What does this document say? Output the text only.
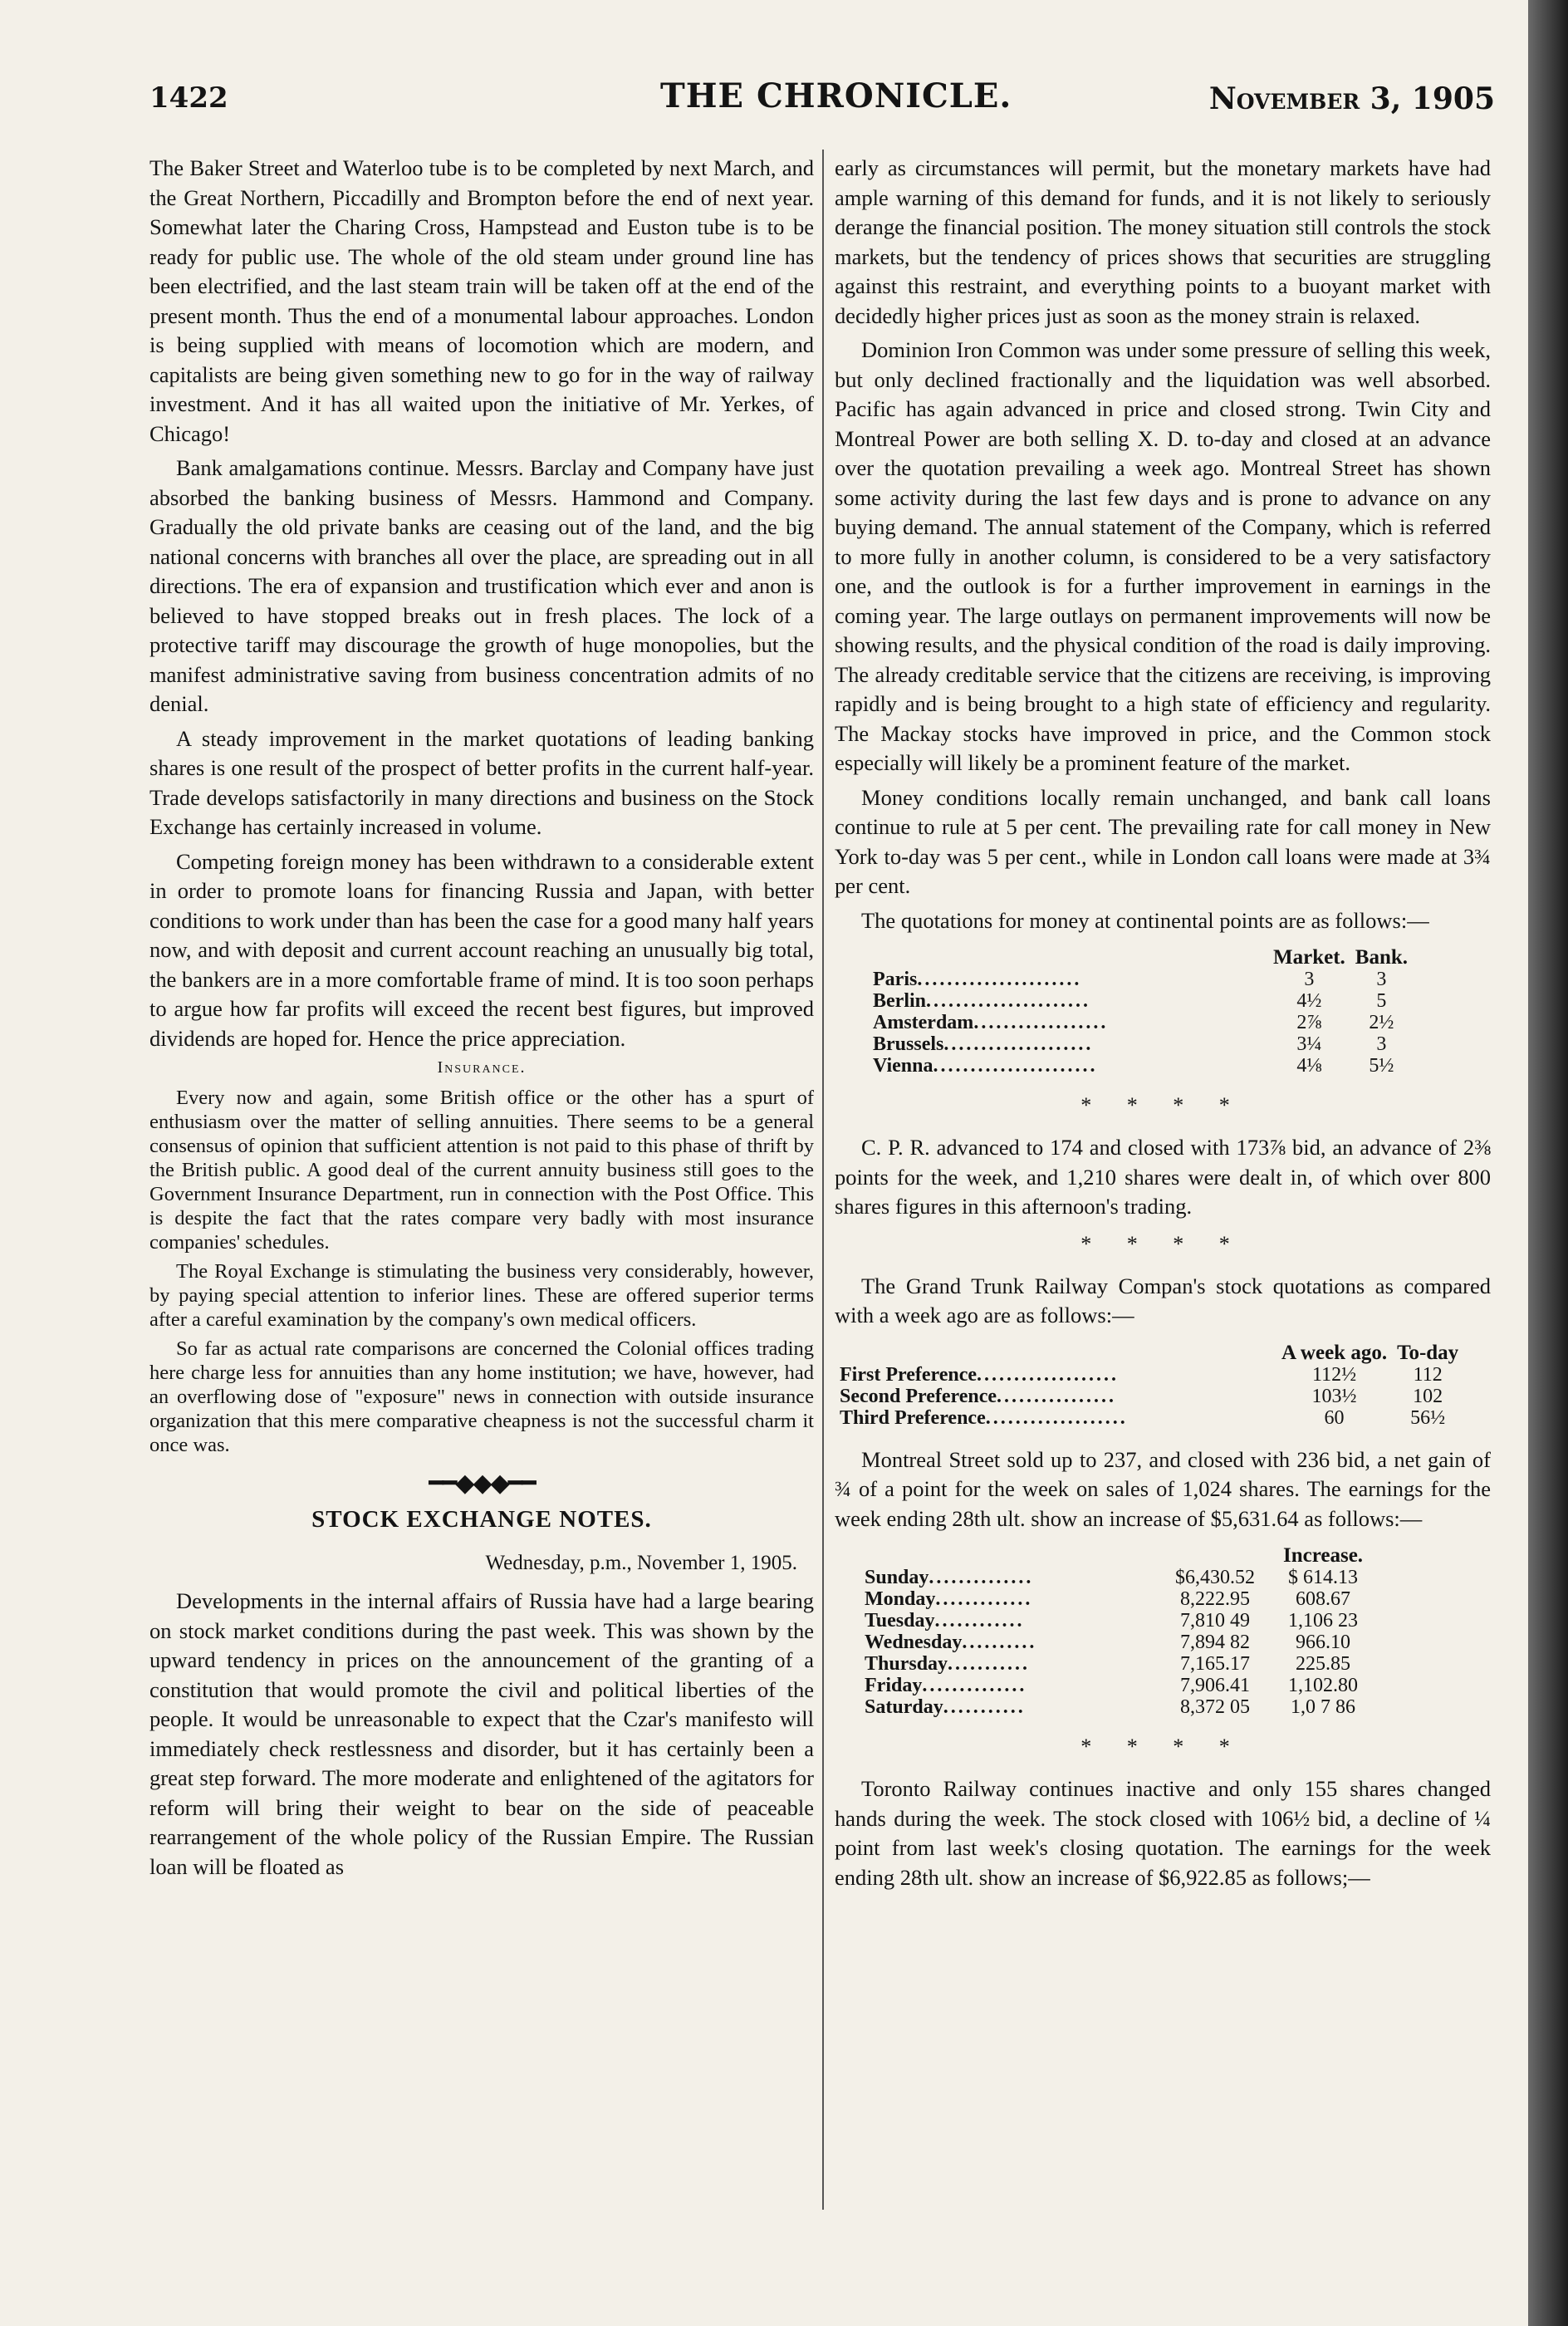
1422	THE CHRONICLE.	November 3, 1905

The Baker Street and Waterloo tube is to be completed by next March, and the Great Northern, Piccadilly and Brompton before the end of next year. Somewhat later the Charing Cross, Hampstead and Euston tube is to be ready for public use. The whole of the old steam under ground line has been electrified, and the last steam train will be taken off at the end of the present month. Thus the end of a monumental labour approaches. London is being supplied with means of locomotion which are modern, and capitalists are being given something new to go for in the way of railway investment. And it has all waited upon the initiative of Mr. Yerkes, of Chicago!

Bank amalgamations continue. Messrs. Barclay and Company have just absorbed the banking business of Messrs. Hammond and Company. Gradually the old private banks are ceasing out of the land, and the big national concerns with branches all over the place, are spreading out in all directions. The era of expansion and trustification which ever and anon is believed to have stopped breaks out in fresh places. The lock of a protective tariff may discourage the growth of huge monopolies, but the manifest administrative saving from business concentration admits of no denial.

A steady improvement in the market quotations of leading banking shares is one result of the prospect of better profits in the current half-year. Trade develops satisfactorily in many directions and business on the Stock Exchange has certainly increased in volume.

Competing foreign money has been withdrawn to a considerable extent in order to promote loans for financing Russia and Japan, with better conditions to work under than has been the case for a good many half years now, and with deposit and current account reaching an unusually big total, the bankers are in a more comfortable frame of mind. It is too soon perhaps to argue how far profits will exceed the recent best figures, but improved dividends are hoped for. Hence the price appreciation.

Insurance.

Every now and again, some British office or the other has a spurt of enthusiasm over the matter of selling annuities. There seems to be a general consensus of opinion that sufficient attention is not paid to this phase of thrift by the British public. A good deal of the current annuity business still goes to the Government Insurance Department, run in connection with the Post Office. This is despite the fact that the rates compare very badly with most insurance companies' schedules.

The Royal Exchange is stimulating the business very considerably, however, by paying special attention to inferior lines. These are offered superior terms after a careful examination by the company's own medical officers.

So far as actual rate comparisons are concerned the Colonial offices trading here charge less for annuities than any home institution; we have, however, had an overflowing dose of "exposure" news in connection with outside insurance organization that this mere comparative cheapness is not the successful charm it once was.

━━◆◆◆━━
STOCK EXCHANGE NOTES.
Wednesday, p.m., November 1, 1905.

Developments in the internal affairs of Russia have had a large bearing on stock market conditions during the past week. This was shown by the upward tendency in prices on the announcement of the granting of a constitution that would promote the civil and political liberties of the people. It would be unreasonable to expect that the Czar's manifesto will immediately check restlessness and disorder, but it has certainly been a great step forward. The more moderate and enlightened of the agitators for reform will bring their weight to bear on the side of peaceable rearrangement of the whole policy of the Russian Empire. The Russian loan will be floated as

early as circumstances will permit, but the monetary markets have had ample warning of this demand for funds, and it is not likely to seriously derange the financial position. The money situation still controls the stock markets, but the tendency of prices shows that securities are struggling against this restraint, and everything points to a buoyant market with decidedly higher prices just as soon as the money strain is relaxed.

Dominion Iron Common was under some pressure of selling this week, but only declined fractionally and the liquidation was well absorbed. Pacific has again advanced in price and closed strong. Twin City and Montreal Power are both selling X. D. to-day and closed at an advance over the quotation prevailing a week ago. Montreal Street has shown some activity during the last few days and is prone to advance on any buying demand. The annual statement of the Company, which is referred to more fully in another column, is considered to be a very satisfactory one, and the outlook is for a further improvement in earnings in the coming year. The large outlays on permanent improvements will now be showing results, and the physical condition of the road is daily improving. The already creditable service that the citizens are receiving, is improving rapidly and is being brought to a high state of efficiency and regularity. The Mackay stocks have improved in price, and the Common stock especially will likely be a prominent feature of the market.

Money conditions locally remain unchanged, and bank call loans continue to rule at 5 per cent. The prevailing rate for call money in New York to-day was 5 per cent., while in London call loans were made at 3¾ per cent.

The quotations for money at continental points are as follows:—

	Market.	Bank.
Paris......................	3	3
Berlin......................	4½	5
Amsterdam..................	2⅞	2½
Brussels....................	3¼	3
Vienna......................	4⅛	5½
* * * *

C. P. R. advanced to 174 and closed with 173⅞ bid, an advance of 2⅜ points for the week, and 1,210 shares were dealt in, of which over 800 shares figures in this afternoon's trading.

* * * *

The Grand Trunk Railway Compan's stock quotations as compared with a week ago are as follows:—

	A week ago.	To-day
First Preference...................	112½	112
Second Preference................	103½	102
Third Preference...................	60	56½

Montreal Street sold up to 237, and closed with 236 bid, a net gain of ¾ of a point for the week on sales of 1,024 shares. The earnings for the week ending 28th ult. show an increase of $5,631.64 as follows:—

		Increase.
Sunday..............	$6,430.52	$ 614.13
Monday.............	8,222.95	608.67
Tuesday............	7,810 49	1,106 23
Wednesday..........	7,894 82	966.10
Thursday...........	7,165.17	225.85
Friday..............	7,906.41	1,102.80
Saturday...........	8,372 05	1,0 7 86
* * * *

Toronto Railway continues inactive and only 155 shares changed hands during the week. The stock closed with 106½ bid, a decline of ¼ point from last week's closing quotation. The earnings for the week ending 28th ult. show an increase of $6,922.85 as follows;—
